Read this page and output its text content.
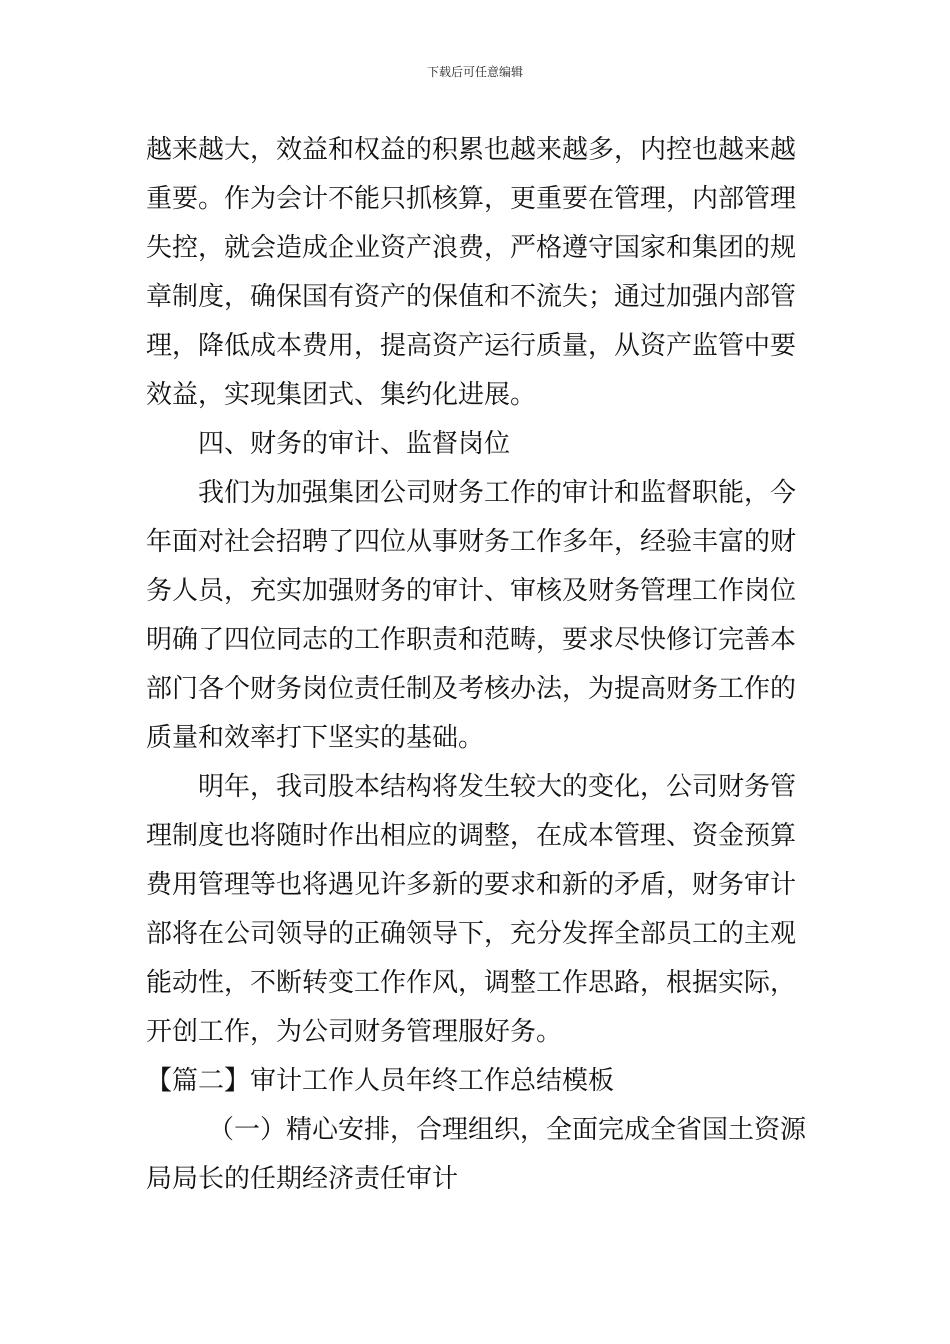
下载后可任意编辑
越来越大，效益和权益的积累也越来越多，内控也越来越
重要。作为会计不能只抓核算，更重要在管理，内部管理
失控，就会造成企业资产浪费，严格遵守国家和集团的规
章制度，确保国有资产的保值和不流失；通过加强内部管
理，降低成本费用，提高资产运行质量，从资产监管中要
效益，实现集团式、集约化进展。
四、财务的审计、监督岗位
我们为加强集团公司财务工作的审计和监督职能，今
年面对社会招聘了四位从事财务工作多年，经验丰富的财
务人员，充实加强财务的审计、审核及财务管理工作岗位
明确了四位同志的工作职责和范畴，要求尽快修订完善本
部门各个财务岗位责任制及考核办法，为提高财务工作的
质量和效率打下坚实的基础。
明年，我司股本结构将发生较大的变化，公司财务管
理制度也将随时作出相应的调整，在成本管理、资金预算
费用管理等也将遇见许多新的要求和新的矛盾，财务审计
部将在公司领导的正确领导下，充分发挥全部员工的主观
能动性，不断转变工作作风，调整工作思路，根据实际，
开创工作，为公司财务管理服好务。
【篇二】审计工作人员年终工作总结模板
（一）精心安排，合理组织，全面完成全省国土资源
局局长的任期经济责任审计
